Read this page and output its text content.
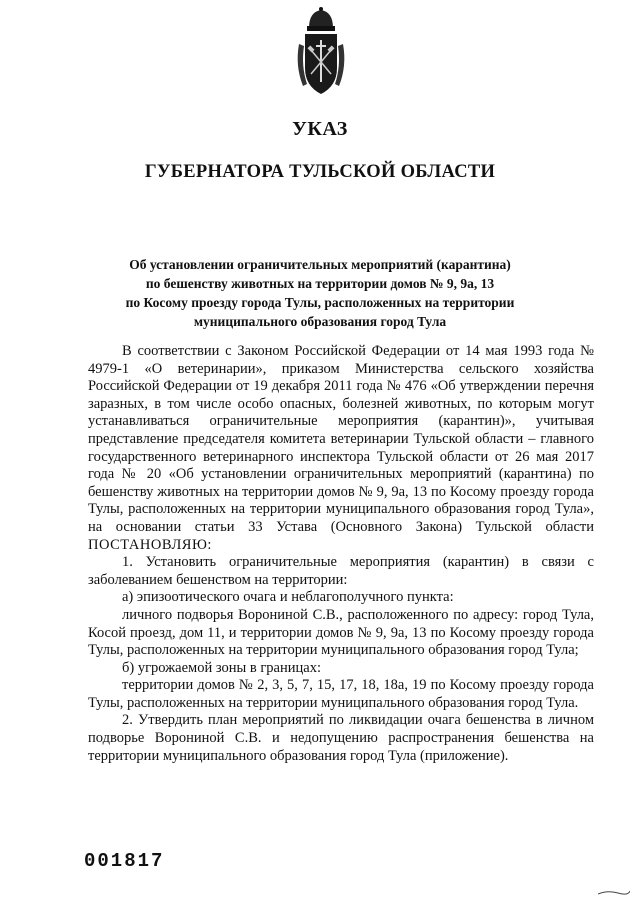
УКАЗ
ГУБЕРНАТОРА ТУЛЬСКОЙ ОБЛАСТИ
Об установлении ограничительных мероприятий (карантина)
по бешенству животных на территории домов № 9, 9а, 13
по Косому проезду города Тулы, расположенных на территории
муниципального образования город Тула

В соответствии с Законом Российской Федерации от 14 мая 1993 года № 4979-1 «О ветеринарии», приказом Министерства сельского хозяйства Российской Федерации от 19 декабря 2011 года № 476 «Об утверждении перечня заразных, в том числе особо опасных, болезней животных, по которым могут устанавливаться ограничительные мероприятия (карантин)», учитывая представление председателя комитета ветеринарии Тульской области – главного государственного ветеринарного инспектора Тульской области от 26 мая 2017 года № 20 «Об установлении ограничительных мероприятий (карантина) по бешенству животных на территории домов № 9, 9а, 13 по Косому проезду города Тулы, расположенных на территории муниципального образования город Тула», на основании статьи 33 Устава (Основного Закона) Тульской области ПОСТАНОВЛЯЮ:

1. Установить ограничительные мероприятия (карантин) в связи с заболеванием бешенством на территории:

а) эпизоотического очага и неблагополучного пункта:

личного подворья Ворониной С.В., расположенного по адресу: город Тула, Косой проезд, дом 11, и территории домов № 9, 9а, 13 по Косому проезду города Тулы, расположенных на территории муниципального образования город Тула;

б) угрожаемой зоны в границах:

территории домов № 2, 3, 5, 7, 15, 17, 18, 18а, 19 по Косому проезду города Тулы, расположенных на территории муниципального образования город Тула.

2. Утвердить план мероприятий по ликвидации очага бешенства в личном подворье Ворониной С.В. и недопущению распространения бешенства на территории муниципального образования город Тула (приложение).

001817
